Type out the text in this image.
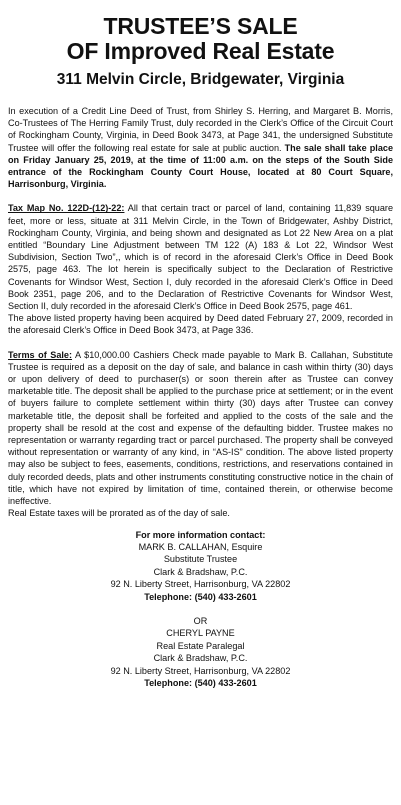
TRUSTEE’S SALE
OF Improved Real Estate
311 Melvin Circle, Bridgewater, Virginia

In execution of a Credit Line Deed of Trust, from Shirley S. Herring, and Margaret B. Morris, Co-Trustees of The Herring Family Trust, duly recorded in the Clerk’s Office of the Circuit Court of Rockingham County, Virginia, in Deed Book 3473, at Page 341, the undersigned Substitute Trustee will offer the following real estate for sale at public auction. The sale shall take place on Friday January 25, 2019, at the time of 11:00 a.m. on the steps of the South Side entrance of the Rockingham County Court House, located at 80 Court Square, Harrisonburg, Virginia.

Tax Map No. 122D-(12)-22: All that certain tract or parcel of land, containing 11,839 square feet, more or less, situate at 311 Melvin Circle, in the Town of Bridgewater, Ashby District, Rockingham County, Virginia, and being shown and designated as Lot 22 New Area on a plat entitled “Boundary Line Adjustment between TM 122 (A) 183 & Lot 22, Windsor West Subdivision, Section Two”,, which is of record in the aforesaid Clerk’s Office in Deed Book 2575, page 463. The lot herein is specifically subject to the Declaration of Restrictive Covenants for Windsor West, Section I, duly recorded in the aforesaid Clerk’s Office in Deed Book 2351, page 206, and to the Declaration of Restrictive Covenants for Windsor West, Section II, duly recorded in the aforesaid Clerk’s Office in Deed Book 2575, page 461.

The above listed property having been acquired by Deed dated February 27, 2009, recorded in the aforesaid Clerk’s Office in Deed Book 3473, at Page 336.

Terms of Sale: A $10,000.00 Cashiers Check made payable to Mark B. Callahan, Substitute Trustee is required as a deposit on the day of sale, and balance in cash within thirty (30) days or upon delivery of deed to purchaser(s) or soon therein after as Trustee can convey marketable title. The deposit shall be applied to the purchase price at settlement; or in the event of buyers failure to complete settlement within thirty (30) days after Trustee can convey marketable title, the deposit shall be forfeited and applied to the costs of the sale and the property shall be resold at the cost and expense of the defaulting bidder. Trustee makes no representation or warranty regarding tract or parcel purchased. The property shall be conveyed without representation or warranty of any kind, in “AS-IS” condition. The above listed property may also be subject to fees, easements, conditions, restrictions, and reservations contained in duly recorded deeds, plats and other instruments constituting constructive notice in the chain of title, which have not expired by limitation of time, contained therein, or otherwise become ineffective.

Real Estate taxes will be prorated as of the day of sale.

For more information contact:
MARK B. CALLAHAN, Esquire
Substitute Trustee
Clark & Bradshaw, P.C.
92 N. Liberty Street, Harrisonburg, VA 22802
Telephone: (540) 433-2601
OR
CHERYL PAYNE
Real Estate Paralegal
Clark & Bradshaw, P.C.
92 N. Liberty Street, Harrisonburg, VA 22802
Telephone: (540) 433-2601
